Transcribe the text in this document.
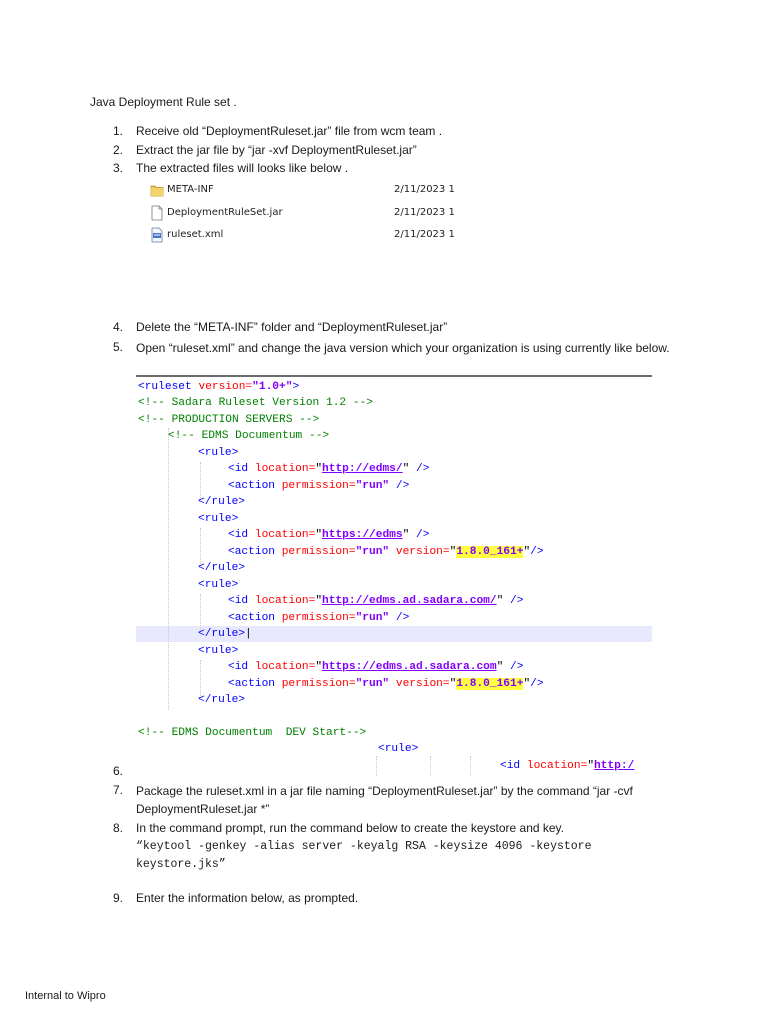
Java Deployment Rule set .
1. Receive old “DeploymentRuleset.jar” file from wcm team .
2. Extract the jar file by “jar -xvf DeploymentRuleset.jar”
3. The extracted files will looks like below .
META-INF	2/11/2023 1
DeploymentRuleSet.jar	2/11/2023 1
ruleset.xml	2/11/2023 1
4. Delete the “META-INF” folder and “DeploymentRuleset.jar”
5. Open “ruleset.xml” and change the java version which your organization is using currently like below.
<ruleset version="1.0+">
<!-- Sadara Ruleset Version 1.2 -->
<!-- PRODUCTION SERVERS -->
<!-- EDMS Documentum -->
<rule>
<id location="http://edms/" />
<action permission="run" />
</rule>
<rule>
<id location="https://edms" />
<action permission="run" version="1.8.0_161+"/>
</rule>
<rule>
<id location="http://edms.ad.sadara.com/" />
<action permission="run" />
</rule>|
<rule>
<id location="https://edms.ad.sadara.com" />
<action permission="run" version="1.8.0_161+"/>
</rule>
<!-- EDMS Documentum  DEV Start-->
<rule>
<id location="http:/
6.
7. Package the ruleset.xml in a jar file naming “DeploymentRuleset.jar” by the command “jar -cvf DeploymentRuleset.jar *”
8. In the command prompt, run the command below to create the keystore and key.
“keytool -genkey -alias server -keyalg RSA -keysize 4096 -keystore keystore.jks”
9. Enter the information below, as prompted.
Internal to Wipro
